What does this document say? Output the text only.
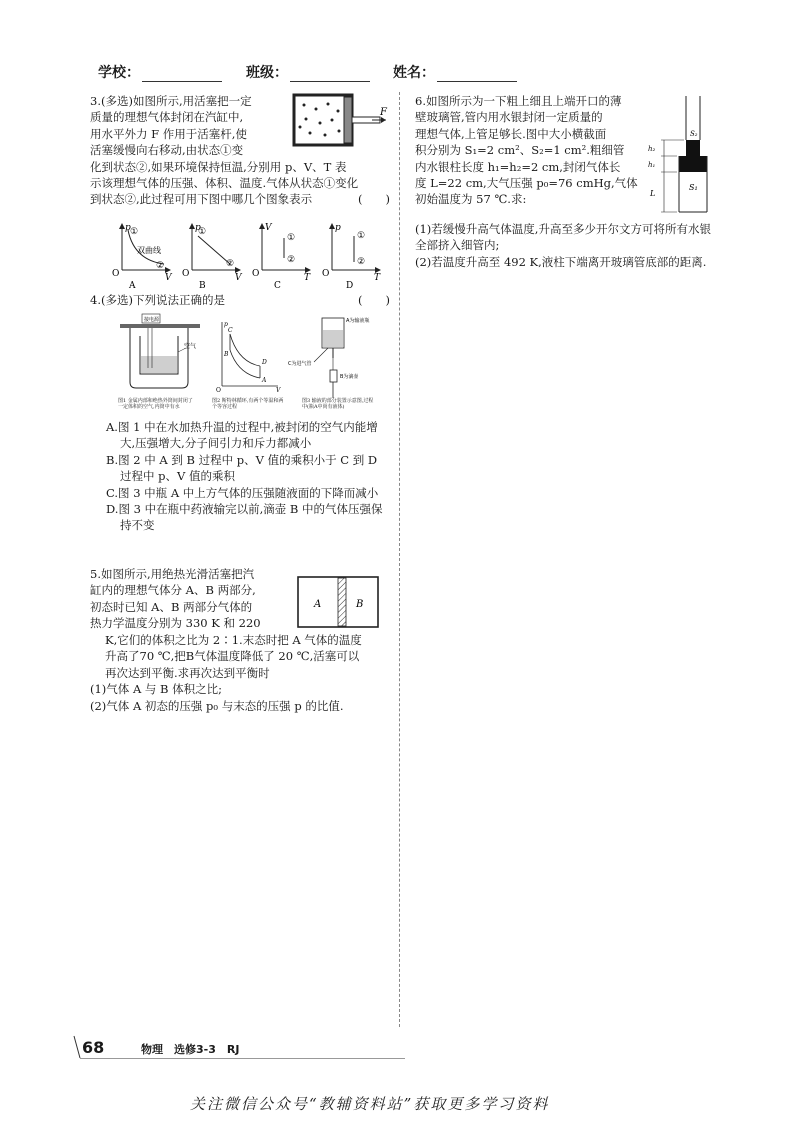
学校：	班级：	姓名：

3.(多选)如图所示,用活塞把一定

质量的理想气体封闭在汽缸中,

用水平外力 F 作用于活塞杆,使

活塞缓慢向右移动,由状态①变

化到状态②,如果环境保持恒温,分别用 p、V、T 表

示该理想气体的压强、体积、温度.气体从状态①变化

到状态②,此过程可用下图中哪几个图象表示	(　　)

F
O	V
p ①
双曲线
②
A
O	V
p
①
②
B
O	T
V
①
②
C
O	T
p
①
②
D
4.(多选)下列说法正确的是	(　　)
接电源
空气
C
D
B
A
p
V
O
A为输液瓶
C为进气管
B为滴壶
图1 金属内部和绝热外筒间封闭了一定体积的空气,内筒中有水
图2 斯特林循环,有两个等温和两个等容过程
图3 输液的部分装置示意图,过程中(瓶A中尚有液体)

A.图 1 中在水加热升温的过程中,被封闭的空气内能增大,压强增大,分子间引力和斥力都减小

B.图 2 中 A 到 B 过程中 p、V 值的乘积小于 C 到 D 过程中 p、V 值的乘积

C.图 3 中瓶 A 中上方气体的压强随液面的下降而减小

D.图 3 中在瓶中药液输完以前,滴壶 B 中的气体压强保持不变

5.如图所示,用绝热光滑活塞把汽

缸内的理想气体分 A、B 两部分,

初态时已知 A、B 两部分气体的

热力学温度分别为 330 K 和 220

K,它们的体积之比为 2∶1.末态时把 A 气体的温度

升高了70 ℃,把B气体温度降低了 20 ℃,活塞可以

再次达到平衡.求再次达到平衡时

(1)气体 A 与 B 体积之比;

(2)气体 A 初态的压强 p₀ 与末态的压强 p 的比值.

A	B

6.如图所示为一下粗上细且上端开口的薄

壁玻璃管,管内用水银封闭一定质量的

理想气体,上管足够长.图中大小横截面

积分别为 S₁=2 cm²、S₂=1 cm².粗细管

内水银柱长度 h₁=h₂=2 cm,封闭气体长

度 L=22 cm,大气压强 p₀=76 cmHg,气体

初始温度为 57 ℃.求:

(1)若缓慢升高气体温度,升高至多少开尔文方可将所有水银全部挤入细管内;

(2)若温度升高至 492 K,液柱下端离开玻璃管底部的距离.

S₂
S₁
h₂
h₁
L
68	物理　选修3-3　RJ
关注微信公众号“教辅资料站”获取更多学习资料
